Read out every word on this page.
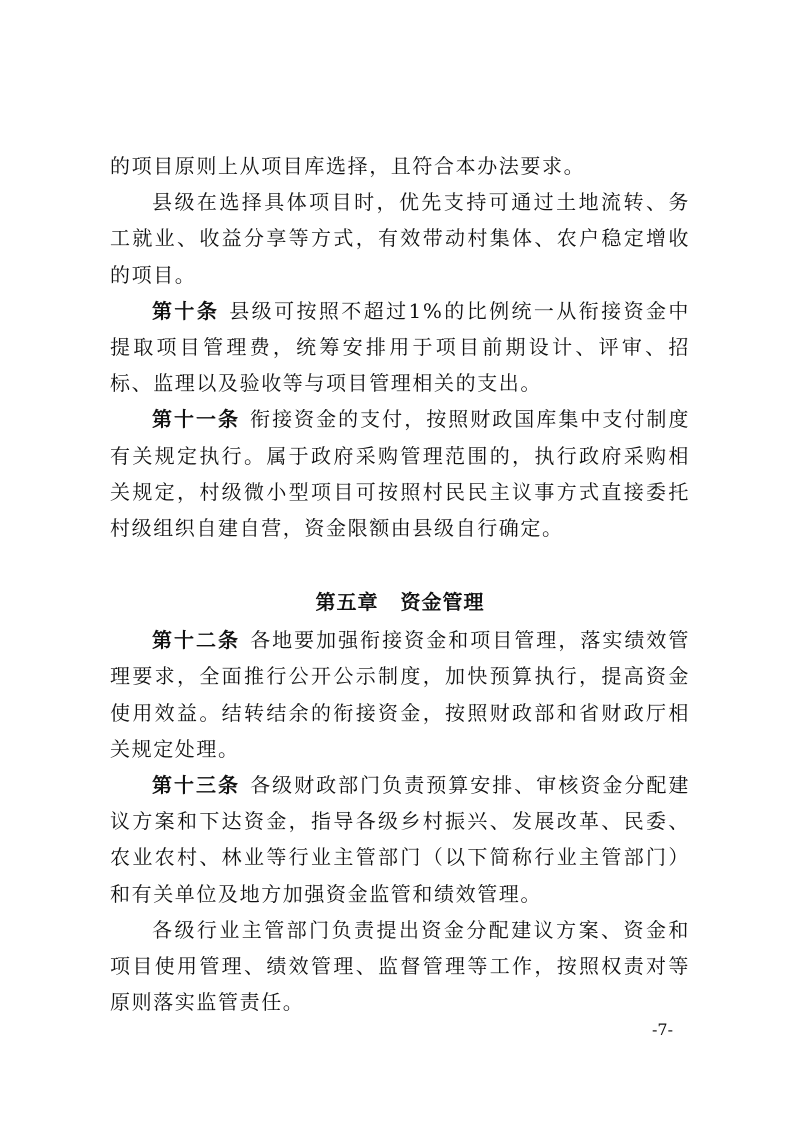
的项目原则上从项目库选择，且符合本办法要求。

县级在选择具体项目时，优先支持可通过土地流转、务工就业、收益分享等方式，有效带动村集体、农户稳定增收的项目。

第十条 县级可按照不超过1%的比例统一从衔接资金中提取项目管理费，统筹安排用于项目前期设计、评审、招标、监理以及验收等与项目管理相关的支出。

第十一条 衔接资金的支付，按照财政国库集中支付制度有关规定执行。属于政府采购管理范围的，执行政府采购相关规定，村级微小型项目可按照村民民主议事方式直接委托村级组织自建自营，资金限额由县级自行确定。

第五章 资金管理

第十二条 各地要加强衔接资金和项目管理，落实绩效管理要求，全面推行公开公示制度，加快预算执行，提高资金使用效益。结转结余的衔接资金，按照财政部和省财政厅相关规定处理。

第十三条 各级财政部门负责预算安排、审核资金分配建议方案和下达资金，指导各级乡村振兴、发展改革、民委、农业农村、林业等行业主管部门（以下简称行业主管部门）和有关单位及地方加强资金监管和绩效管理。

各级行业主管部门负责提出资金分配建议方案、资金和项目使用管理、绩效管理、监督管理等工作，按照权责对等原则落实监管责任。

-7-
